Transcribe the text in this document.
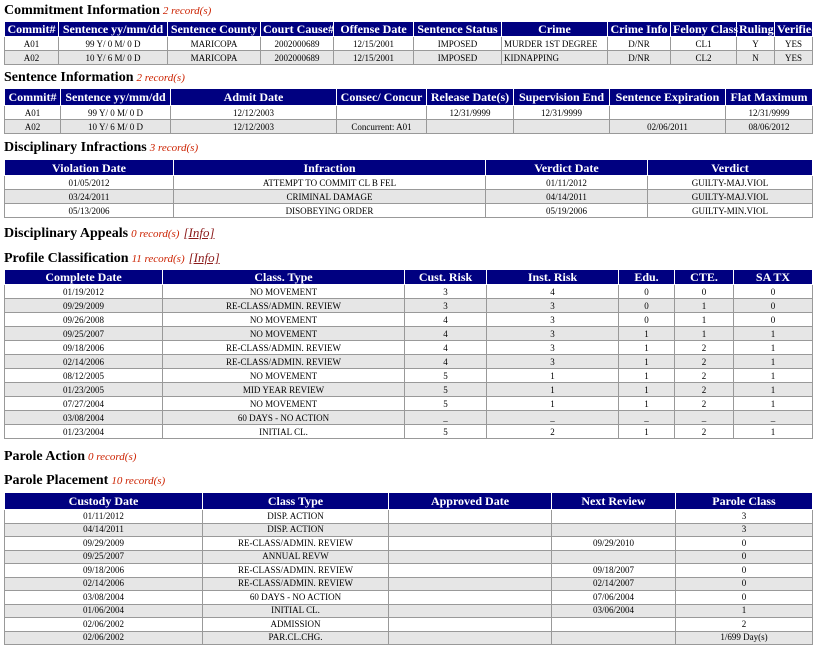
Commitment Information 2 record(s)
Commit#	Sentence yy/mm/dd	Sentence County	Court Cause#	Offense Date	Sentence Status	Crime	Crime Info	Felony Class	Ruling	Verified
A01	99 Y/ 0 M/ 0 D	MARICOPA	2002000689	12/15/2001	IMPOSED	MURDER 1ST DEGREE	D/NR	CL1	Y	YES
A02	10 Y/ 6 M/ 0 D	MARICOPA	2002000689	12/15/2001	IMPOSED	KIDNAPPING	D/NR	CL2	N	YES
Sentence Information 2 record(s)
Commit#	Sentence yy/mm/dd	Admit Date	Consec/ Concur	Release Date(s)	Supervision End	Sentence Expiration	Flat Maximum
A01	99 Y/ 0 M/ 0 D	12/12/2003		12/31/9999	12/31/9999		12/31/9999
A02	10 Y/ 6 M/ 0 D	12/12/2003	Concurrent: A01			02/06/2011	08/06/2012
Disciplinary Infractions 3 record(s)
Violation Date	Infraction	Verdict Date	Verdict
01/05/2012	ATTEMPT TO COMMIT CL B FEL	01/11/2012	GUILTY-MAJ.VIOL
03/24/2011	CRIMINAL DAMAGE	04/14/2011	GUILTY-MAJ.VIOL
05/13/2006	DISOBEYING ORDER	05/19/2006	GUILTY-MIN.VIOL
Disciplinary Appeals 0 record(s) [Info]
Profile Classification 11 record(s) [Info]
Complete Date	Class. Type	Cust. Risk	Inst. Risk	Edu.	CTE.	SA TX
01/19/2012	NO MOVEMENT	3	4	0	0	0
09/29/2009	RE-CLASS/ADMIN. REVIEW	3	3	0	1	0
09/26/2008	NO MOVEMENT	4	3	0	1	0
09/25/2007	NO MOVEMENT	4	3	1	1	1
09/18/2006	RE-CLASS/ADMIN. REVIEW	4	3	1	2	1
02/14/2006	RE-CLASS/ADMIN. REVIEW	4	3	1	2	1
08/12/2005	NO MOVEMENT	5	1	1	2	1
01/23/2005	MID YEAR REVIEW	5	1	1	2	1
07/27/2004	NO MOVEMENT	5	1	1	2	1
03/08/2004	60 DAYS - NO ACTION	_	_	_	_	_
01/23/2004	INITIAL CL.	5	2	1	2	1
Parole Action 0 record(s)
Parole Placement 10 record(s)
Custody Date	Class Type	Approved Date	Next Review	Parole Class
01/11/2012	DISP. ACTION			3
04/14/2011	DISP. ACTION			3
09/29/2009	RE-CLASS/ADMIN. REVIEW		09/29/2010	0
09/25/2007	ANNUAL REVW			0
09/18/2006	RE-CLASS/ADMIN. REVIEW		09/18/2007	0
02/14/2006	RE-CLASS/ADMIN. REVIEW		02/14/2007	0
03/08/2004	60 DAYS - NO ACTION		07/06/2004	0
01/06/2004	INITIAL CL.		03/06/2004	1
02/06/2002	ADMISSION			2
02/06/2002	PAR.CL.CHG.			1/699 Day(s)
